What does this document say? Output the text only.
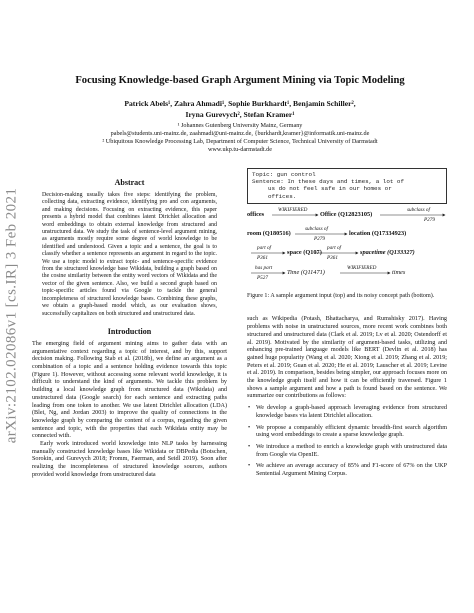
arXiv:2102.02086v1 [cs.IR] 3 Feb 2021
Focusing Knowledge-based Graph Argument Mining via Topic Modeling
Patrick Abels¹, Zahra Ahmadi¹, Sophie Burkhardt¹, Benjamin Schiller²,
Iryna Gurevych², Stefan Kramer¹
¹ Johannes Gutenberg University Mainz, Germany
pabels@students.uni-mainz.de, zaahmadi@uni-mainz.de, {burkhardt,kramer}@informatik.uni-mainz.de
² Ubiquitous Knowledge Processing Lab, Department of Computer Science, Technical University of Darmstadt
www.ukp.tu-darmstadt.de
Abstract

Decision-making usually takes five steps: identifying the problem, collecting data, extracting evidence, identifying pro and con arguments, and making decisions. Focusing on extracting evidence, this paper presents a hybrid model that combines latent Dirichlet allocation and word embeddings to obtain external knowledge from structured and unstructured data. We study the task of sentence-level argument mining, as arguments mostly require some degree of world knowledge to be identified and understood. Given a topic and a sentence, the goal is to classify whether a sentence represents an argument in regard to the topic. We use a topic model to extract topic- and sentence-specific evidence from the structured knowledge base Wikidata, building a graph based on the cosine similarity between the entity word vectors of Wikidata and the vector of the given sentence. Also, we build a second graph based on topic-specific articles found via Google to tackle the general incompleteness of structured knowledge bases. Combining these graphs, we obtain a graph-based model which, as our evaluation shows, successfully capitalizes on both structured and unstructured data.

Introduction

The emerging field of argument mining aims to gather data with an argumentative context regarding a topic of interest, and by this, support decision making. Following Stab et al. (2018b), we define an argument as a combination of a topic and a sentence holding evidence towards this topic (Figure 1). However, without accessing some relevant world knowledge, it is difficult to understand the kind of arguments. We tackle this problem by building a local knowledge graph from structured data (Wikidata) and unstructured data (Google search) for each sentence and extracting paths leading from one token to another. We use latent Dirichlet allocation (LDA) (Blei, Ng, and Jordan 2003) to improve the quality of connections in the knowledge graph by comparing the content of a corpus, regarding the given sentence and topic, with the properties that each Wikidata entity may be connected with.

Early work introduced world knowledge into NLP tasks by harnessing manually constructed knowledge bases like Wikidata or DBPedia (Botschen, Sorokin, and Gurevych 2018; Fromm, Faerman, and Seidl 2019). Soon after realizing the incompleteness of structured knowledge sources, authors provided world knowledge from unstructured data

Topic: gun control
Sentence: In these days and times, a lot of
us do not feel safe in our homes or
offices.
offices
WIKIFIERED
Office (Q12823105)
subclass of
P279
room (Q180516)
subclass of
P279
location (Q17334923)
part of
P361
space (Q107)
part of
P361
spacetime (Q133327)
has part
P527
Time (Q11471)
WIKIFIERED
times
Figure 1: A sample argument input (top) and its noisy concept path (bottom).

such as Wikipedia (Potash, Bhattacharya, and Rumshisky 2017). Having problems with noise in unstructured sources, more recent work combines both structured and unstructured data (Clark et al. 2019; Lv et al. 2020; Ostendorff et al. 2019). Motivated by the similarity of argument-based tasks, utilizing and enhancing pre-trained language models like BERT (Devlin et al. 2018) has gained huge popularity (Wang et al. 2020; Xiong et al. 2019; Zhang et al. 2019; Peters et al. 2019; Guan et al. 2020; He et al. 2019; Lauscher et al. 2019; Levine et al. 2019). In comparison, besides being simpler, our approach focuses more on the knowledge graph itself and how it can be efficiently traversed. Figure 1 shows a sample argument and how a path is found based on the sentence. We summarize our contributions as follows:

• We develop a graph-based approach leveraging evidence from structured knowledge bases via latent Dirichlet allocation.
• We propose a comparably efficient dynamic breadth-first search algorithm using word embeddings to create a sparse knowledge graph.
• We introduce a method to enrich a knowledge graph with unstructured data from Google via OpenIE.
• We achieve an average accuracy of 85% and F1-score of 67% on the UKP Sentential Argument Mining Corpus.
